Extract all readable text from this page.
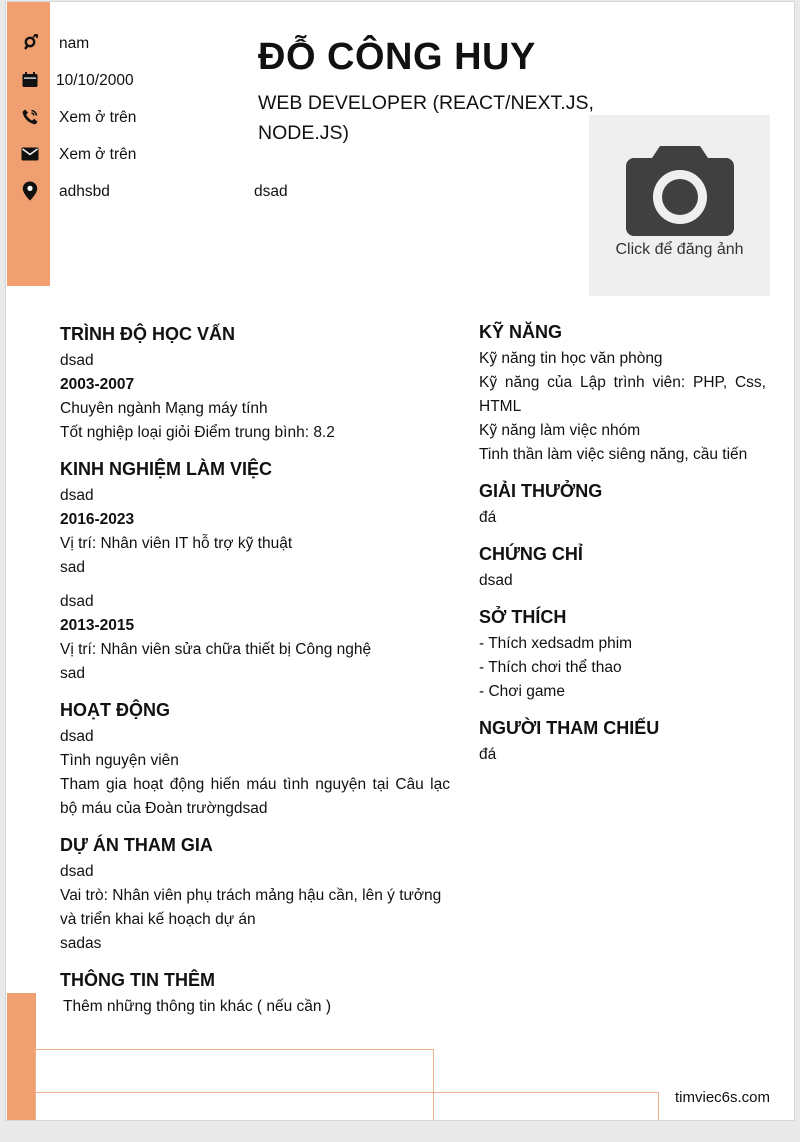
nam
10/10/2000
Xem ở trên
Xem ở trên
adhsbd
ĐỖ CÔNG HUY
WEB DEVELOPER (REACT/NEXT.JS, NODE.JS)
dsad
Click để đăng ảnh
TRÌNH ĐỘ HỌC VẤN
dsad
2003-2007
Chuyên ngành Mạng máy tính
Tốt nghiệp loại giỏi Điểm trung bình: 8.2
KINH NGHIỆM LÀM VIỆC
dsad
2016-2023
Vị trí: Nhân viên IT hỗ trợ kỹ thuật
sad
dsad
2013-2015
Vị trí: Nhân viên sửa chữa thiết bị Công nghệ
sad
HOẠT ĐỘNG
dsad
Tình nguyện viên
Tham gia hoạt động hiến máu tình nguyện tại Câu lạc bộ máu của Đoàn trườngdsad
DỰ ÁN THAM GIA
dsad
Vai trò: Nhân viên phụ trách mảng hậu cần, lên ý tưởng và triển khai kế hoạch dự án
sadas
THÔNG TIN THÊM
Thêm những thông tin khác ( nếu cần )
KỸ NĂNG
Kỹ năng tin học văn phòng
Kỹ năng của Lập trình viên: PHP, Css, HTML
Kỹ năng làm việc nhóm
Tinh thần làm việc siêng năng, cầu tiến
GIẢI THƯỞNG
đá
CHỨNG CHỈ
dsad
SỞ THÍCH
- Thích xedsadm phim
- Thích chơi thể thao
- Chơi game
NGƯỜI THAM CHIẾU
đá
timviec6s.com
